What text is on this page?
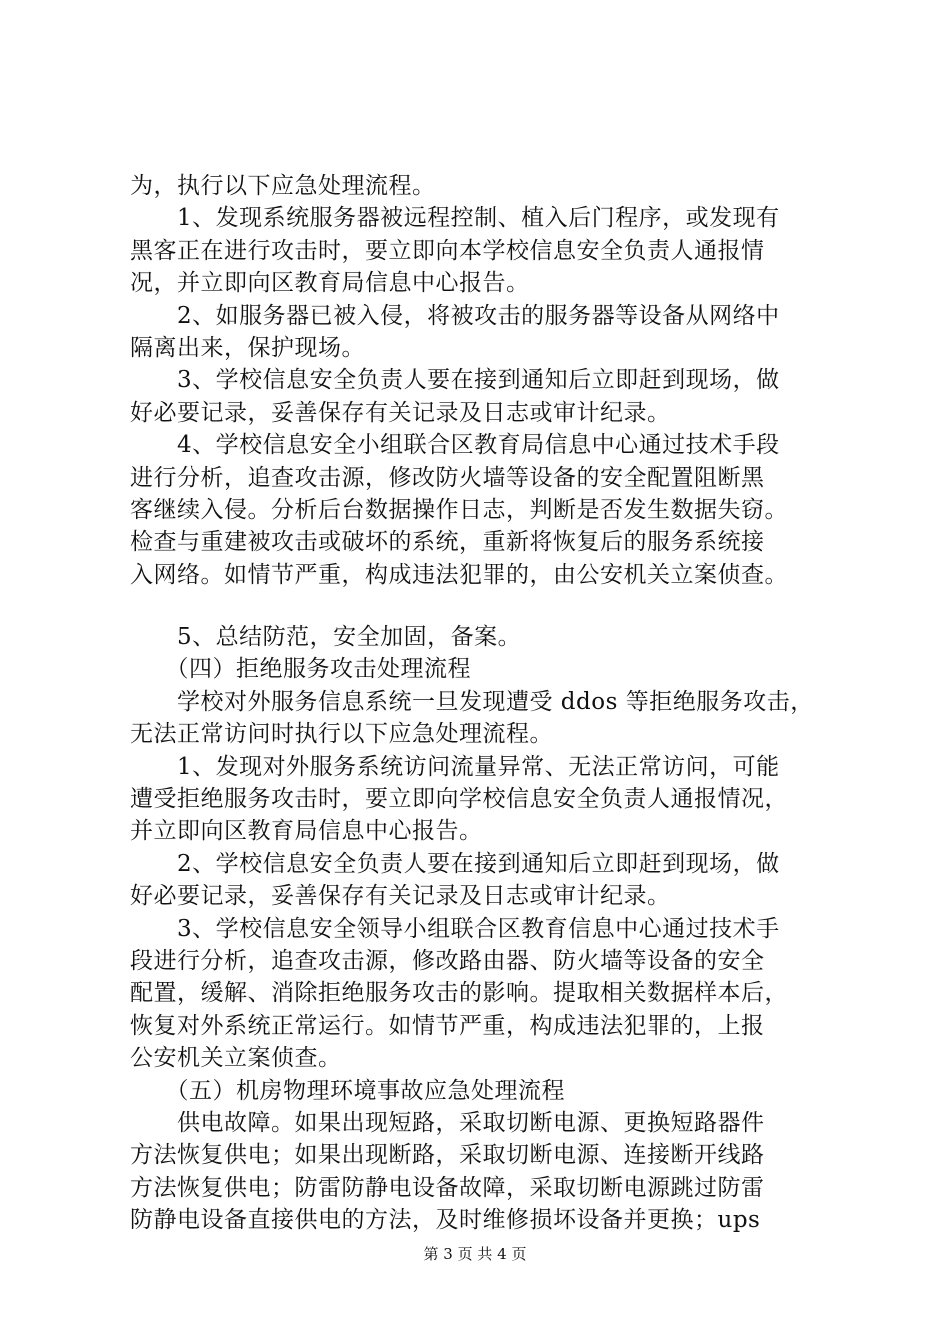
为，执行以下应急处理流程。
　　1、发现系统服务器被远程控制、植入后门程序，或发现有
黑客正在进行攻击时，要立即向本学校信息安全负责人通报情
况，并立即向区教育局信息中心报告。
　　2、如服务器已被入侵，将被攻击的服务器等设备从网络中
隔离出来，保护现场。
　　3、学校信息安全负责人要在接到通知后立即赶到现场，做
好必要记录，妥善保存有关记录及日志或审计纪录。
　　4、学校信息安全小组联合区教育局信息中心通过技术手段
进行分析，追查攻击源，修改防火墙等设备的安全配置阻断黑
客继续入侵。分析后台数据操作日志，判断是否发生数据失窃。
检查与重建被攻击或破坏的系统，重新将恢复后的服务系统接
入网络。如情节严重，构成违法犯罪的，由公安机关立案侦查。
　　5、总结防范，安全加固，备案。
　　（四）拒绝服务攻击处理流程
　　学校对外服务信息系统一旦发现遭受 ddos 等拒绝服务攻击，
无法正常访问时执行以下应急处理流程。
　　1、发现对外服务系统访问流量异常、无法正常访问，可能
遭受拒绝服务攻击时，要立即向学校信息安全负责人通报情况，
并立即向区教育局信息中心报告。
　　2、学校信息安全负责人要在接到通知后立即赶到现场，做
好必要记录，妥善保存有关记录及日志或审计纪录。
　　3、学校信息安全领导小组联合区教育信息中心通过技术手
段进行分析，追查攻击源，修改路由器、防火墙等设备的安全
配置，缓解、消除拒绝服务攻击的影响。提取相关数据样本后，
恢复对外系统正常运行。如情节严重，构成违法犯罪的，上报
公安机关立案侦查。
　　（五）机房物理环境事故应急处理流程
　　供电故障。如果出现短路，采取切断电源、更换短路器件
方法恢复供电；如果出现断路，采取切断电源、连接断开线路
方法恢复供电；防雷防静电设备故障，采取切断电源跳过防雷
防静电设备直接供电的方法，及时维修损坏设备并更换；ups
第 3 页 共 4 页
